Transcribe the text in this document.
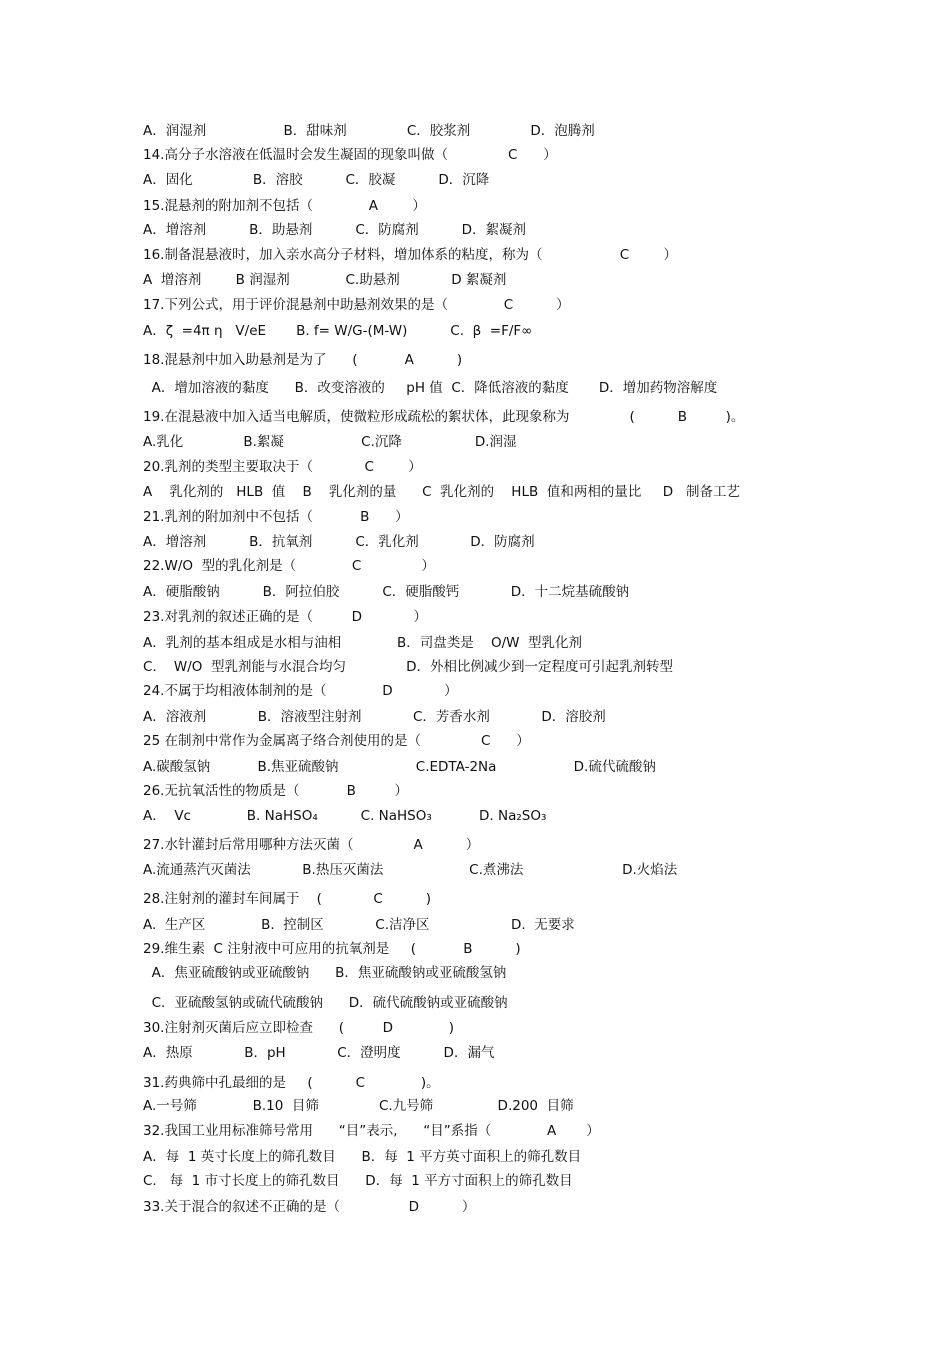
A．润湿剂                  B．甜味剂              C．胶浆剂              D．泡腾剂
14.高分子水溶液在低温时会发生凝固的现象叫做（              C      ）
A．固化              B．溶胶          C．胶凝          D．沉降
15.混悬剂的附加剂不包括（             A        ）
A．增溶剂          B．助悬剂          C．防腐剂          D．絮凝剂
16.制备混悬液时，加入亲水高分子材料，增加体系的粘度，称为（                  C        ）
A  增溶剂        B 润湿剂             C.助悬剂            D 絮凝剂
17.下列公式，用于评价混悬剂中助悬剂效果的是（             C          ）
A．ζ  =4π η   V/eE       B. f= W/G-(M-W)          C.  β  =F/F∞
18.混悬剂中加入助悬剂是为了      (           A          )
A．增加溶液的黏度      B．改变溶液的     pH 值  C．降低溶液的黏度       D．增加药物溶解度
19.在混悬液中加入适当电解质，使微粒形成疏松的絮状体，此现象称为              (          B         )。
A.乳化              B.絮凝                  C.沉降                 D.润湿
20.乳剂的类型主要取决于（            C        ）
A    乳化剂的   HLB  值    B    乳化剂的量      C  乳化剂的    HLB  值和两相的量比     D   制备工艺
21.乳剂的附加剂中不包括（           B      ）
A．增溶剂          B．抗氧剂          C．乳化剂            D．防腐剂
22.W/O  型的乳化剂是（             C              ）
A．硬脂酸钠          B．阿拉伯胶          C．硬脂酸钙            D．十二烷基硫酸钠
23.对乳剂的叙述正确的是（         D            ）
A．乳剂的基本组成是水相与油相             B．司盘类是    O/W  型乳化剂
C.    W/O  型乳剂能与水混合均匀              D．外相比例减少到一定程度可引起乳剂转型
24.不属于均相液体制剂的是（             D            ）
A．溶液剂            B．溶液型注射剂            C．芳香水剂            D．溶胶剂
25 在制剂中常作为金属离子络合剂使用的是（              C      ）
A.碳酸氢钠           B.焦亚硫酸钠                  C.EDTA-2Na                  D.硫代硫酸钠
26.无抗氧活性的物质是（           B         ）
A．  Vc             B. NaHSO₄          C. NaHSO₃           D. Na₂SO₃
27.水针灌封后常用哪种方法灭菌（              A          ）
A.流通蒸汽灭菌法            B.热压灭菌法                    C.煮沸法                       D.火焰法
28.注射剂的灌封车间属于    (            C          )
A.  生产区             B.  控制区            C.洁净区                   D.  无要求
29.维生素  C 注射液中可应用的抗氧剂是     (           B          )
A．焦亚硫酸钠或亚硫酸钠      B．焦亚硫酸钠或亚硫酸氢钠
C．亚硫酸氢钠或硫代硫酸钠      D．硫代硫酸钠或亚硫酸钠
30.注射剂灭菌后应立即检查      (         D             )
A．热原            B．pH            C．澄明度          D．漏气
31.药典筛中孔最细的是     (          C             )。
A.一号筛             B.10  目筛              C.九号筛               D.200  目筛
32.我国工业用标准筛号常用      “目”表示,      “目”系指（             A       ）
A．每  1 英寸长度上的筛孔数目      B．每  1 平方英寸面积上的筛孔数目
C.   每  1 市寸长度上的筛孔数目      D．每  1 平方寸面积上的筛孔数目
33.关于混合的叙述不正确的是（                D          ）
